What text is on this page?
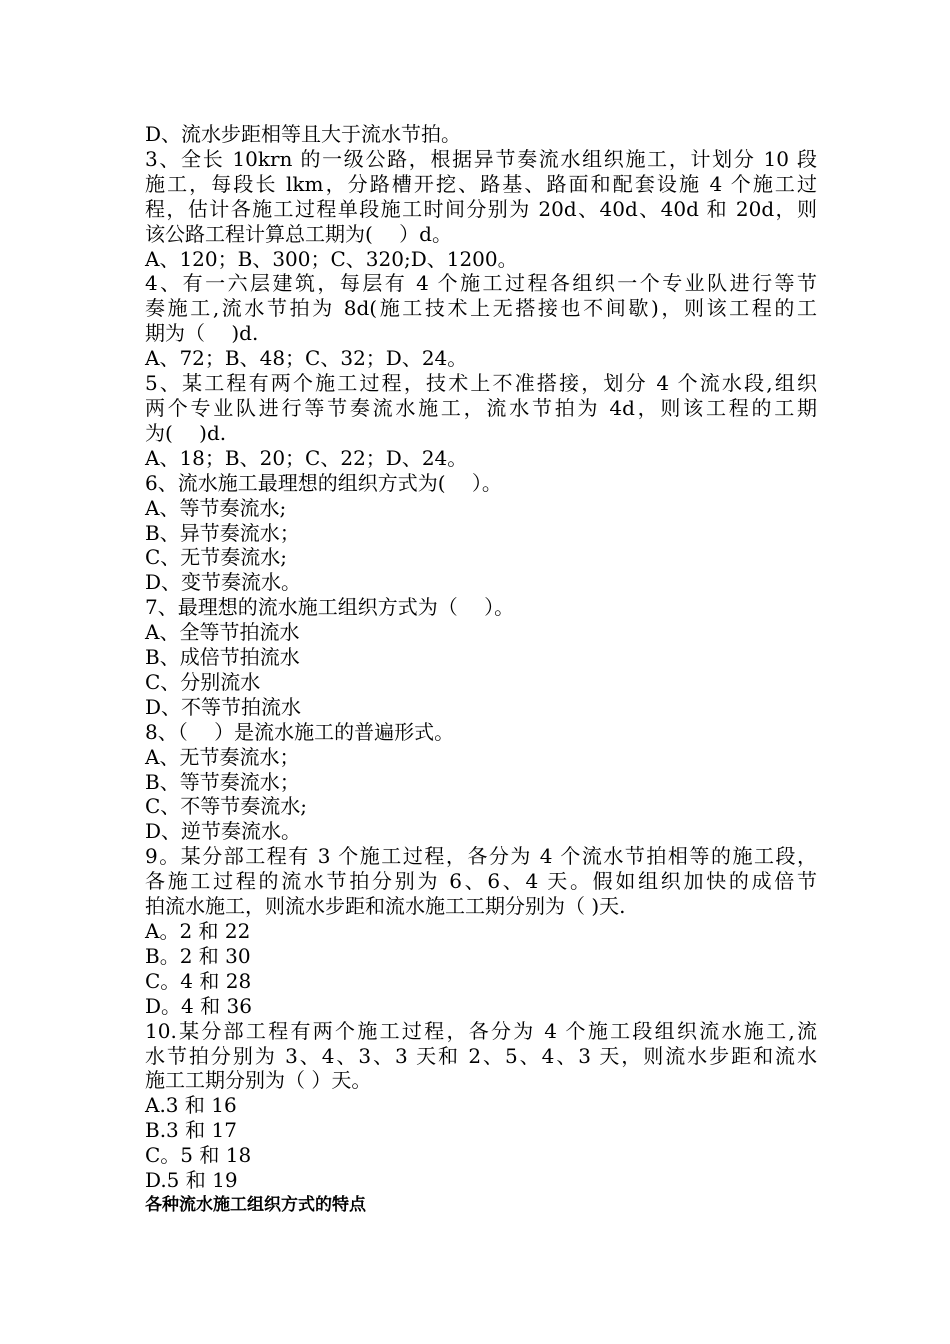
D、流水步距相等且大于流水节拍。
3、全长 10krn 的一级公路，根据异节奏流水组织施工，计划分 10 段
施工，每段长 lkm，分路槽开挖、路基、路面和配套设施 4 个施工过
程，估计各施工过程单段施工时间分别为 20d、40d、40d 和 20d，则
该公路工程计算总工期为(　 ）d。
A、120；B、300；C、320;D、1200。
4、有一六层建筑，每层有 4 个施工过程各组织一个专业队进行等节
奏施工,流水节拍为 8d(施工技术上无搭接也不间歇)，则该工程的工
期为（　 )d.
A、72；B、48；C、32；D、24。
5、某工程有两个施工过程，技术上不准搭接，划分 4 个流水段,组织
两个专业队进行等节奏流水施工，流水节拍为 4d，则该工程的工期
为(　 )d.
A、18；B、20；C、22；D、24。
6、流水施工最理想的组织方式为(　 ）。
A、等节奏流水;
B、异节奏流水；
C、无节奏流水;
D、变节奏流水。
7、最理想的流水施工组织方式为（　 ）。
A、全等节拍流水
B、成倍节拍流水
C、分别流水
D、不等节拍流水
8、（　 ）是流水施工的普遍形式。
A、无节奏流水；
B、等节奏流水；
C、不等节奏流水;
D、逆节奏流水。
9。某分部工程有 3 个施工过程，各分为 4 个流水节拍相等的施工段，
各施工过程的流水节拍分别为 6、6、4 天。假如组织加快的成倍节
拍流水施工，则流水步距和流水施工工期分别为（ )天.
A。2 和 22
B。2 和 30
C。4 和 28
D。4 和 36
10.某分部工程有两个施工过程，各分为 4 个施工段组织流水施工,流
水节拍分别为 3、4、3、3 天和 2、5、4、3 天，则流水步距和流水
施工工期分别为（ ）天。
A.3 和 16
B.3 和 17
C。5 和 18
D.5 和 19
各种流水施工组织方式的特点
